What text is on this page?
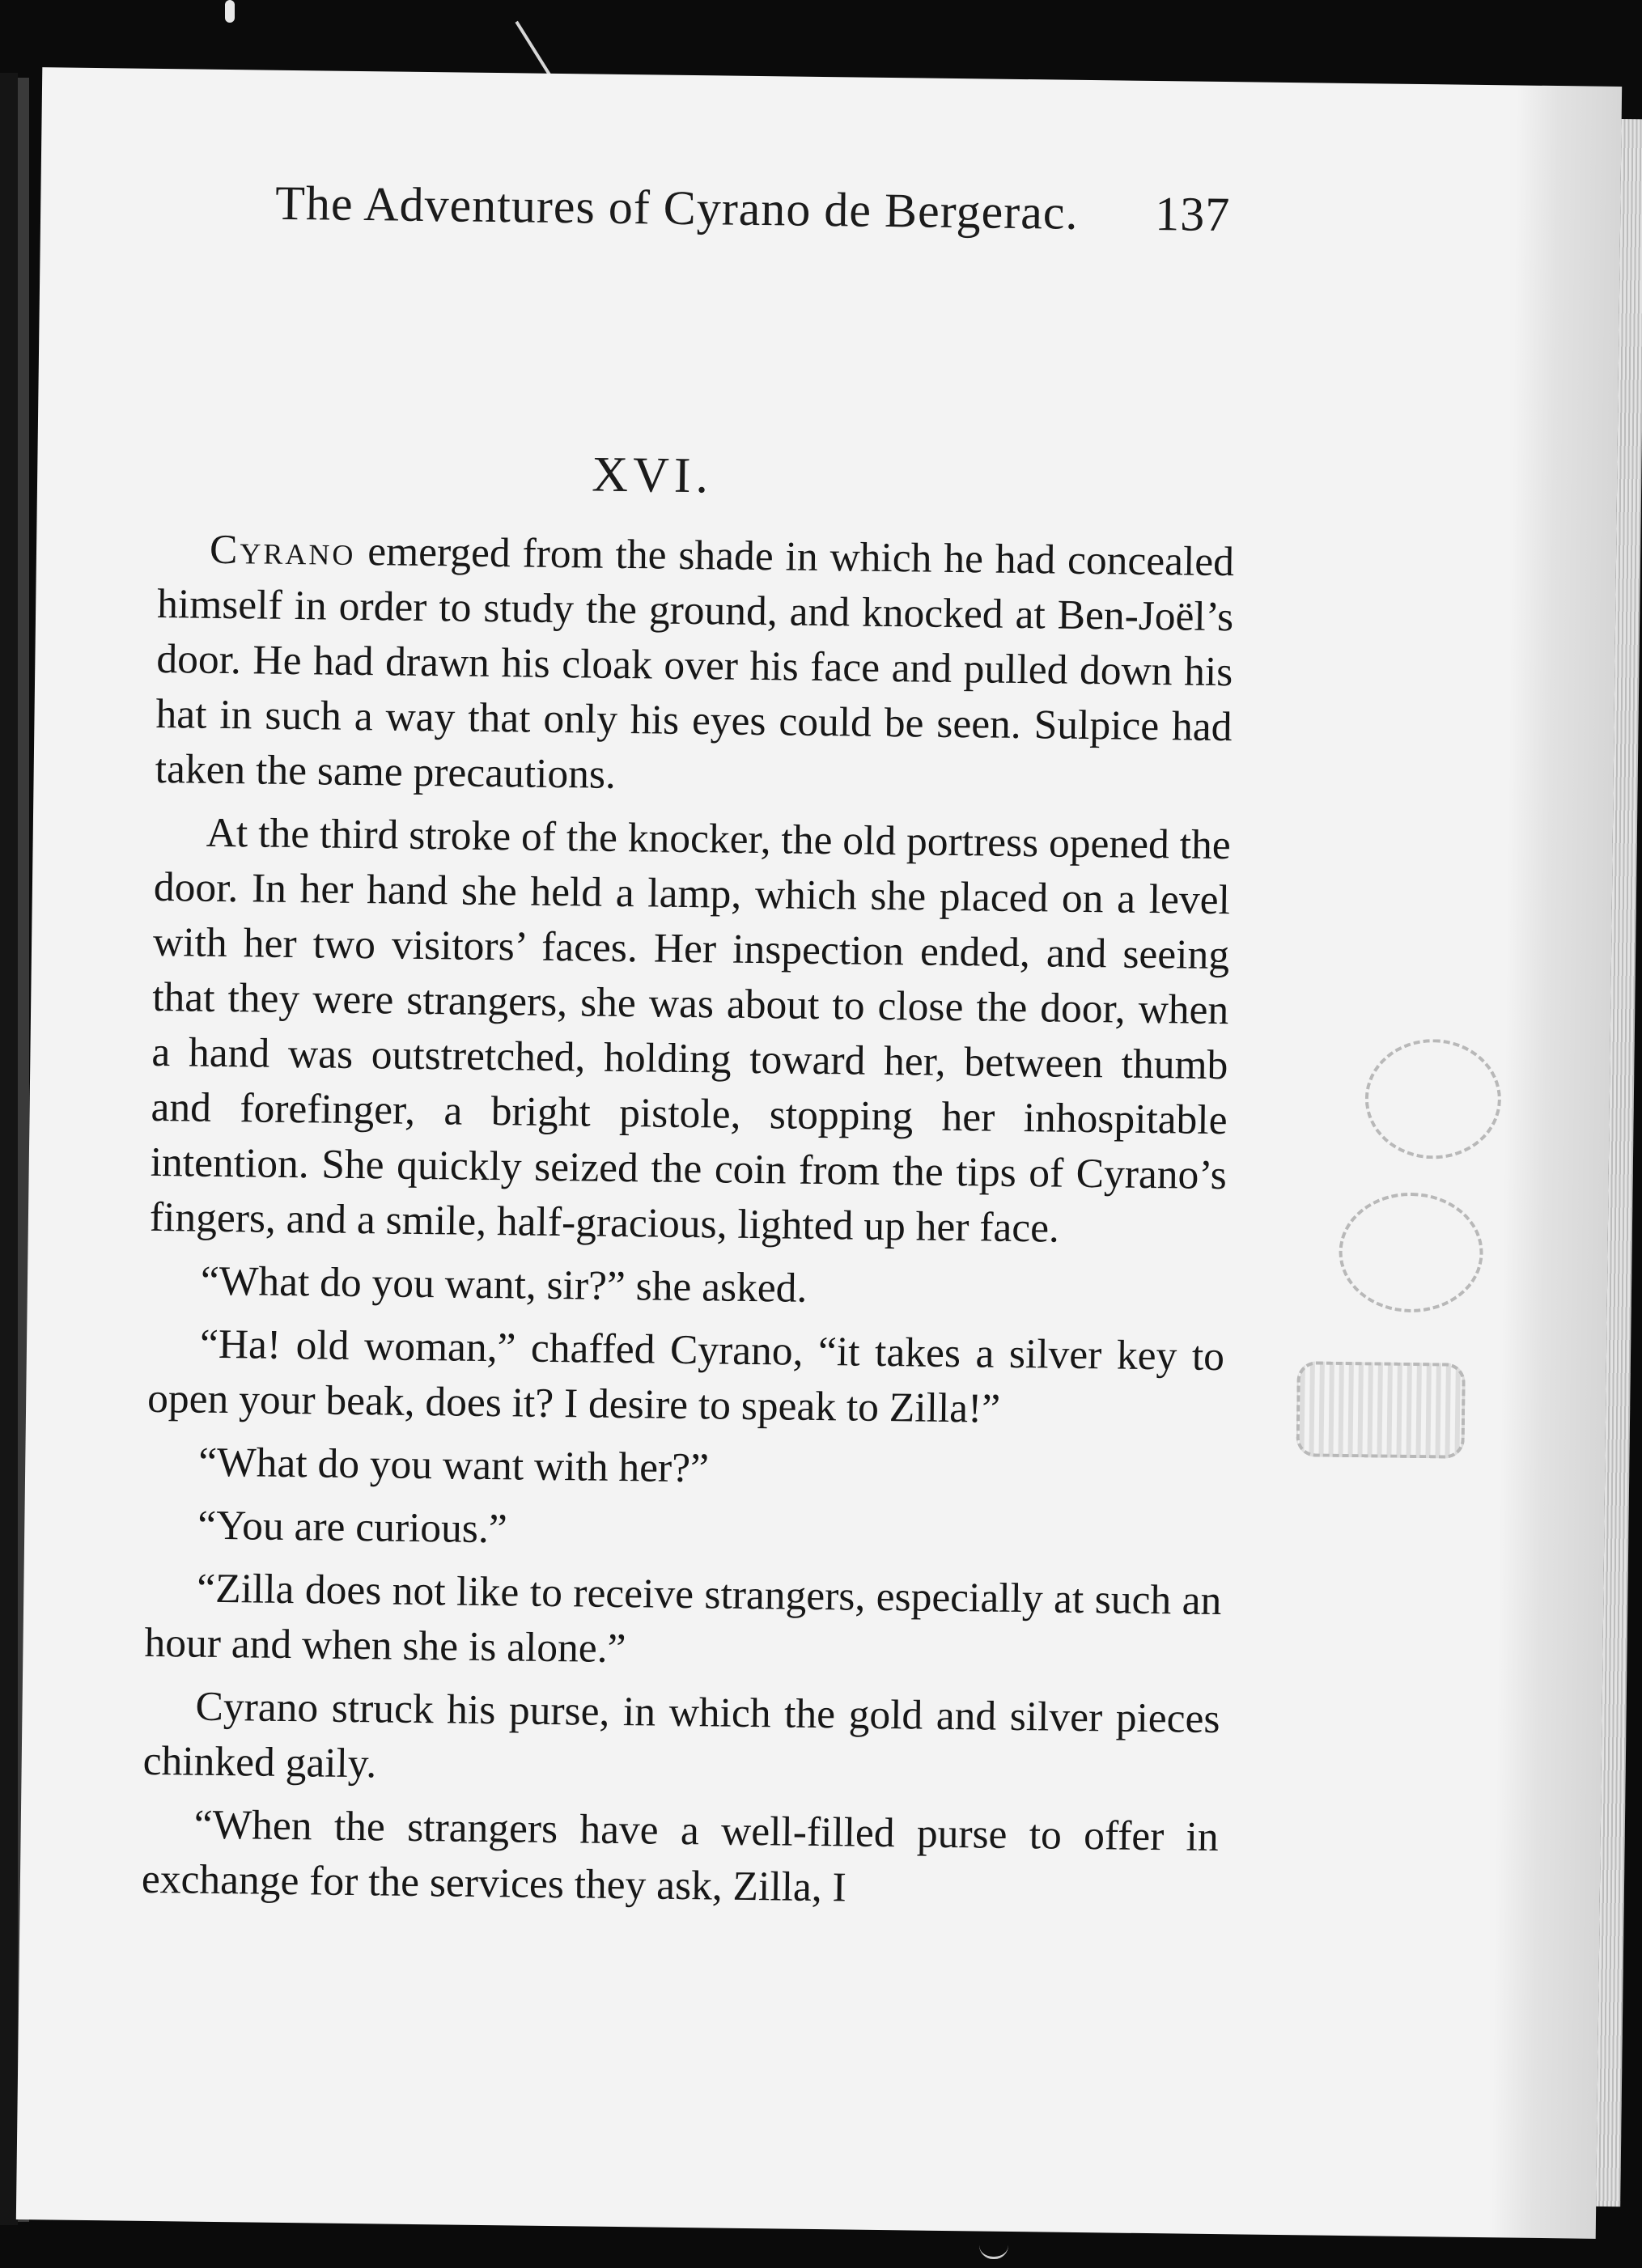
The Adventures of Cyrano de Bergerac. 137
XVI.

Cyrano emerged from the shade in which he had concealed himself in order to study the ground, and knocked at Ben-Joël’s door. He had drawn his cloak over his face and pulled down his hat in such a way that only his eyes could be seen. Sulpice had taken the same precautions.

At the third stroke of the knocker, the old portress opened the door. In her hand she held a lamp, which she placed on a level with her two visitors’ faces. Her inspection ended, and seeing that they were strangers, she was about to close the door, when a hand was outstretched, holding toward her, between thumb and forefinger, a bright pistole, stopping her inhospitable intention. She quickly seized the coin from the tips of Cyrano’s fingers, and a smile, half-gracious, lighted up her face.

“What do you want, sir?” she asked.

“Ha! old woman,” chaffed Cyrano, “it takes a silver key to open your beak, does it? I desire to speak to Zilla!”

“What do you want with her?”

“You are curious.”

“Zilla does not like to receive strangers, especially at such an hour and when she is alone.”

Cyrano struck his purse, in which the gold and silver pieces chinked gaily.

“When the strangers have a well-filled purse to offer in exchange for the services they ask, Zilla, I
